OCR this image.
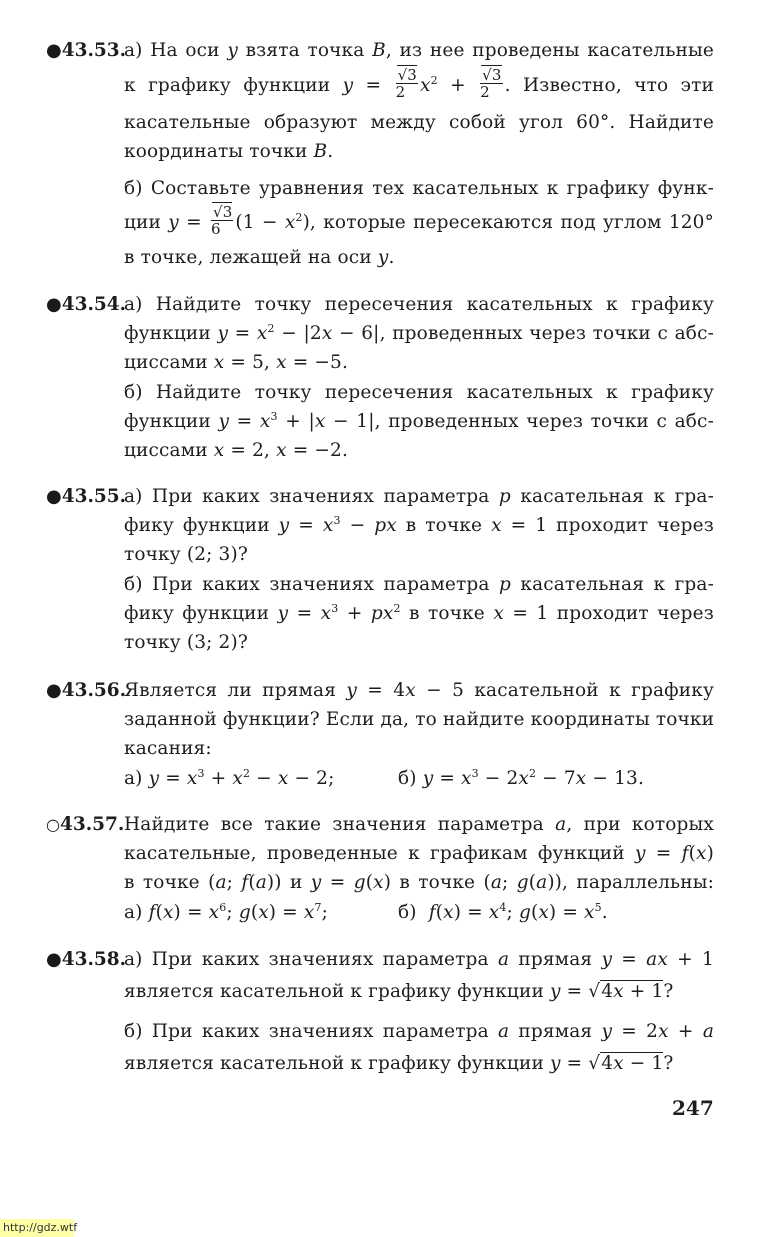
●43.53.
а) На оси y взята точка B, из нее проведены касательные
к графику функции $y = \frac{√3}{2} x^2 + \frac{√3}{2}$ . Известно, что эти
касательные образуют между собой угол 60°. Найдите
координаты точки B.
б) Составьте уравнения тех касательных к графику функ-
ции $y = \frac{√3}{6} (1 - x^2)$, которые пересекаются под углом 120°
в точке, лежащей на оси y.
●43.54.
а) Найдите точку пересечения касательных к графику
функции $y = x^2 - |2x - 6|$, проведенных через точки с абс-
циссами x = 5, x = −5.
б) Найдите точку пересечения касательных к графику
функции $y = x^3 + |x - 1|$, проведенных через точки с абс-
циссами x = 2, x = −2.
●43.55.
а) При каких значениях параметра p касательная к гра-
фику функции $y = x^3$ − px в точке x = 1 проходит через
точку (2; 3)?
б) При каких значениях параметра p касательная к гра-
фику функции $y = x^3 + px^2$ в точке x = 1 проходит через
точку (3; 2)?
●43.56.
Является ли прямая y = 4x − 5 касательной к графику
заданной функции? Если да, то найдите координаты точки
касания:
а) $y = x^3 + x^2 - x - 2$;	б) $y = x^3 - 2x^2 - 7x - 13$.
○43.57. Найдите все такие значения параметра a, при которых
касательные, проведенные к графикам функций y = f(x)
в точке (a; f(a)) и y = g(x) в точке (a; g(a)), параллельны:
а) $f(x) = x^6$; $g(x) = x^7$;	б)  $f(x) = x^4$; $g(x) = x^5$.
●43.58.
а) При каких значениях параметра a прямая y = ax + 1
является касательной к графику функции y = √4x + 1?
б) При каких значениях параметра a прямая y = 2x + a
является касательной к графику функции y = √4x − 1?
247
http://gdz.wtf
